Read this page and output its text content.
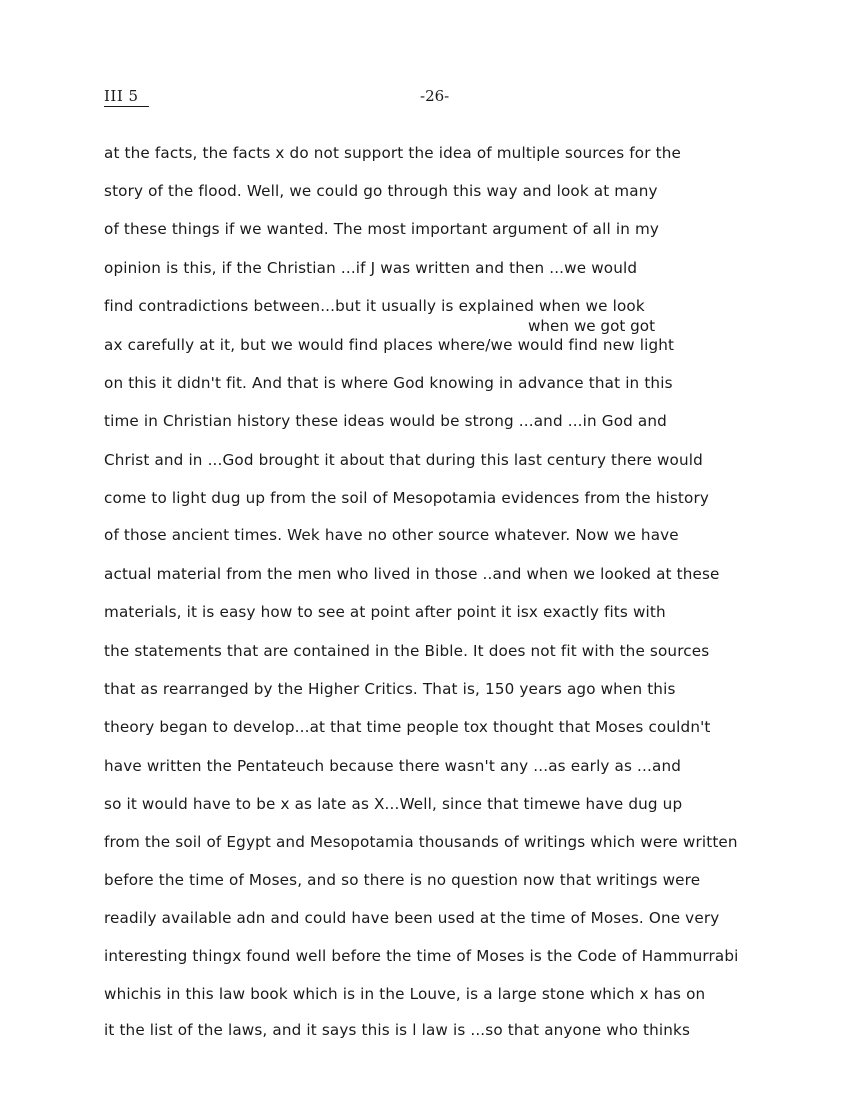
III 5	-26-
when we got got
at the facts, the facts x do not support the idea of multiple sources for the
story of the flood. Well, we could go through this way and look at many
of these things if we wanted. The most important argument of all in my
opinion is this, if the Christian ...if J was written and then ...we would
find contradictions between...but it usually is explained when we look
ax carefully at it, but we would find places where/we would find new light
on this it didn't fit. And that is where God knowing in advance that in this
time in Christian history these ideas would be strong ...and ...in God and
Christ and in ...God brought it about that during this last century there would
come to light dug up from the soil of Mesopotamia evidences from the history
of those ancient times. Wek have no other source whatever. Now we have
actual material from the men who lived in those ..and when we looked at these
materials, it is easy how to see at point after point it isx exactly fits with
the statements that are contained in the Bible. It does not fit with the sources
that as rearranged by the Higher Critics. That is, 150 years ago when this
theory began to develop...at that time people tox thought that Moses couldn't
have written the Pentateuch because there wasn't any ...as early as ...and
so it would have to be x as late as X...Well, since that timewe have dug up
from the soil of Egypt and Mesopotamia thousands of writings which were written
before the time of Moses, and so there is no question now that writings were
readily available adn and could have been used at the time of Moses. One very
interesting thingx found well before the time of Moses is the Code of Hammurrabi
whichis in this law book which is in the Louve, is a large stone which x has on
it the list of the laws, and it says this is l law is ...so that anyone who thinks
